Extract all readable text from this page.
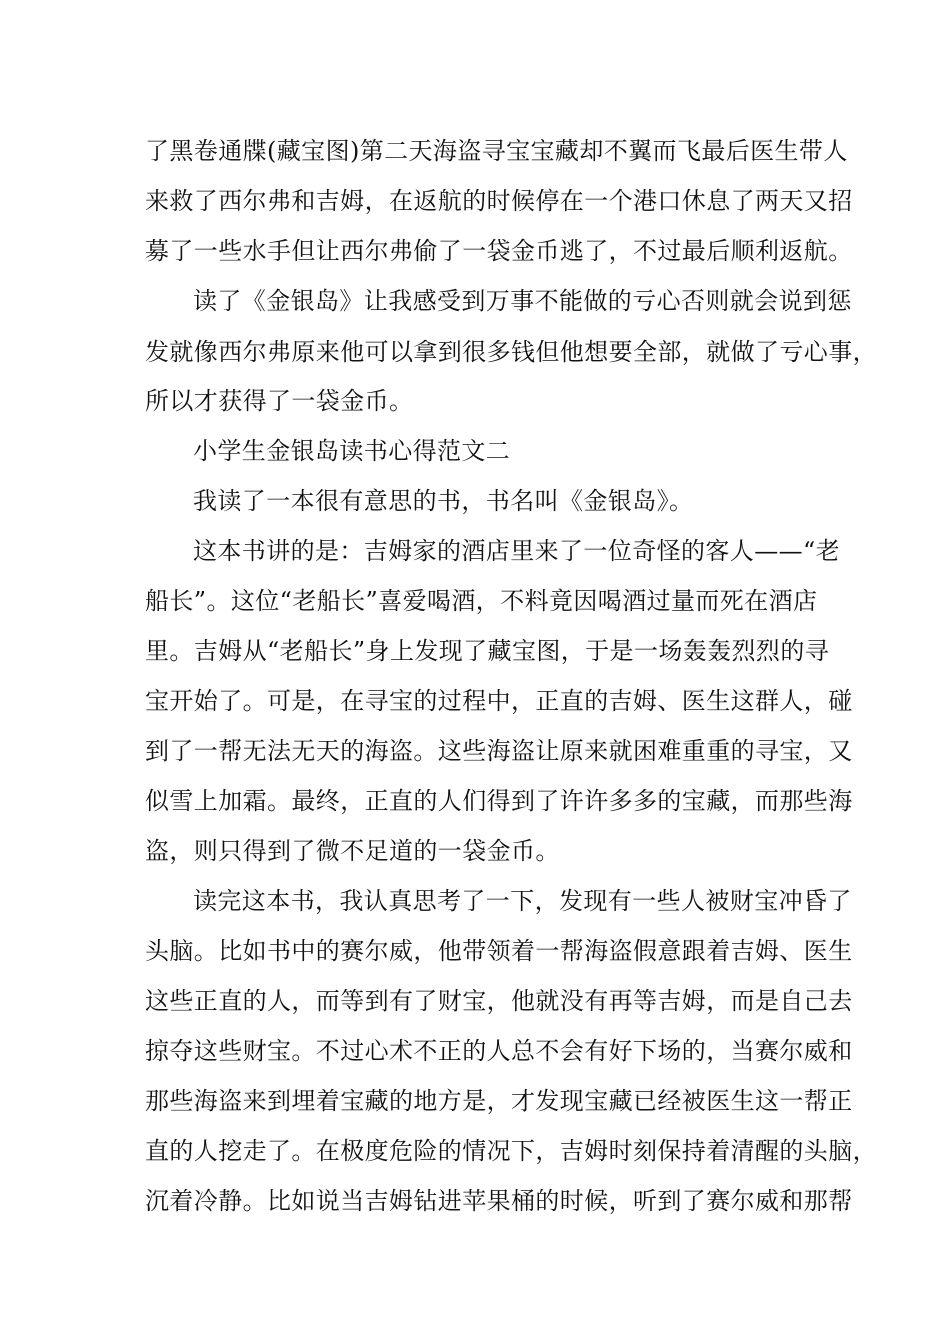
了黑卷通牒(藏宝图)第二天海盗寻宝宝藏却不翼而飞最后医生带人
来救了西尔弗和吉姆，在返航的时候停在一个港口休息了两天又招
募了一些水手但让西尔弗偷了一袋金币逃了，不过最后顺利返航。
读了《金银岛》让我感受到万事不能做的亏心否则就会说到惩
发就像西尔弗原来他可以拿到很多钱但他想要全部，就做了亏心事，
所以才获得了一袋金币。
小学生金银岛读书心得范文二
我读了一本很有意思的书，书名叫《金银岛》。
这本书讲的是：吉姆家的酒店里来了一位奇怪的客人——“老
船长”。这位“老船长”喜爱喝酒，不料竟因喝酒过量而死在酒店
里。吉姆从“老船长”身上发现了藏宝图，于是一场轰轰烈烈的寻
宝开始了。可是，在寻宝的过程中，正直的吉姆、医生这群人，碰
到了一帮无法无天的海盗。这些海盗让原来就困难重重的寻宝，又
似雪上加霜。最终，正直的人们得到了许许多多的宝藏，而那些海
盗，则只得到了微不足道的一袋金币。
读完这本书，我认真思考了一下，发现有一些人被财宝冲昏了
头脑。比如书中的赛尔威，他带领着一帮海盗假意跟着吉姆、医生
这些正直的人，而等到有了财宝，他就没有再等吉姆，而是自己去
掠夺这些财宝。不过心术不正的人总不会有好下场的，当赛尔威和
那些海盗来到埋着宝藏的地方是，才发现宝藏已经被医生这一帮正
直的人挖走了。在极度危险的情况下，吉姆时刻保持着清醒的头脑，
沉着冷静。比如说当吉姆钻进苹果桶的时候，听到了赛尔威和那帮
